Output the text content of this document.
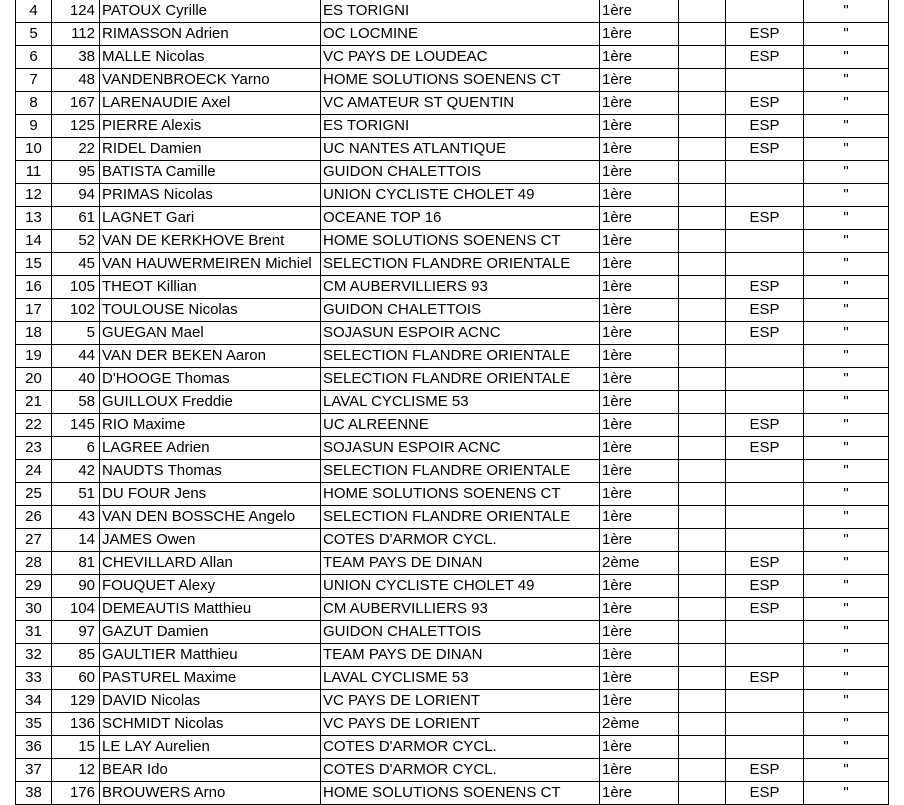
4	124	PATOUX Cyrille	ES TORIGNI	1ère			"
5	112	RIMASSON Adrien	OC LOCMINE	1ère		ESP	"
6	38	MALLE Nicolas	VC PAYS DE LOUDEAC	1ère		ESP	"
7	48	VANDENBROECK Yarno	HOME SOLUTIONS SOENENS CT	1ère			"
8	167	LARENAUDIE Axel	VC AMATEUR ST QUENTIN	1ère		ESP	"
9	125	PIERRE Alexis	ES TORIGNI	1ère		ESP	"
10	22	RIDEL Damien	UC NANTES ATLANTIQUE	1ère		ESP	"
11	95	BATISTA Camille	GUIDON CHALETTOIS	1ère			"
12	94	PRIMAS Nicolas	UNION CYCLISTE CHOLET 49	1ère			"
13	61	LAGNET Gari	OCEANE TOP 16	1ère		ESP	"
14	52	VAN DE KERKHOVE Brent	HOME SOLUTIONS SOENENS CT	1ère			"
15	45	VAN HAUWERMEIREN Michiel	SELECTION FLANDRE ORIENTALE	1ère			"
16	105	THEOT Killian	CM AUBERVILLIERS 93	1ère		ESP	"
17	102	TOULOUSE Nicolas	GUIDON CHALETTOIS	1ère		ESP	"
18	5	GUEGAN Mael	SOJASUN ESPOIR ACNC	1ère		ESP	"
19	44	VAN DER BEKEN Aaron	SELECTION FLANDRE ORIENTALE	1ère			"
20	40	D'HOOGE Thomas	SELECTION FLANDRE ORIENTALE	1ère			"
21	58	GUILLOUX Freddie	LAVAL CYCLISME 53	1ère			"
22	145	RIO Maxime	UC ALREENNE	1ère		ESP	"
23	6	LAGREE Adrien	SOJASUN ESPOIR ACNC	1ère		ESP	"
24	42	NAUDTS Thomas	SELECTION FLANDRE ORIENTALE	1ère			"
25	51	DU FOUR Jens	HOME SOLUTIONS SOENENS CT	1ère			"
26	43	VAN DEN BOSSCHE Angelo	SELECTION FLANDRE ORIENTALE	1ère			"
27	14	JAMES Owen	COTES D'ARMOR CYCL.	1ère			"
28	81	CHEVILLARD Allan	TEAM PAYS DE DINAN	2ème		ESP	"
29	90	FOUQUET Alexy	UNION CYCLISTE CHOLET 49	1ère		ESP	"
30	104	DEMEAUTIS Matthieu	CM AUBERVILLIERS 93	1ère		ESP	"
31	97	GAZUT Damien	GUIDON CHALETTOIS	1ère			"
32	85	GAULTIER Matthieu	TEAM PAYS DE DINAN	1ère			"
33	60	PASTUREL Maxime	LAVAL CYCLISME 53	1ère		ESP	"
34	129	DAVID Nicolas	VC PAYS DE LORIENT	1ère			"
35	136	SCHMIDT Nicolas	VC PAYS DE LORIENT	2ème			"
36	15	LE LAY Aurelien	COTES D'ARMOR CYCL.	1ère			"
37	12	BEAR Ido	COTES D'ARMOR CYCL.	1ère		ESP	"
38	176	BROUWERS Arno	HOME SOLUTIONS SOENENS CT	1ère		ESP	"
